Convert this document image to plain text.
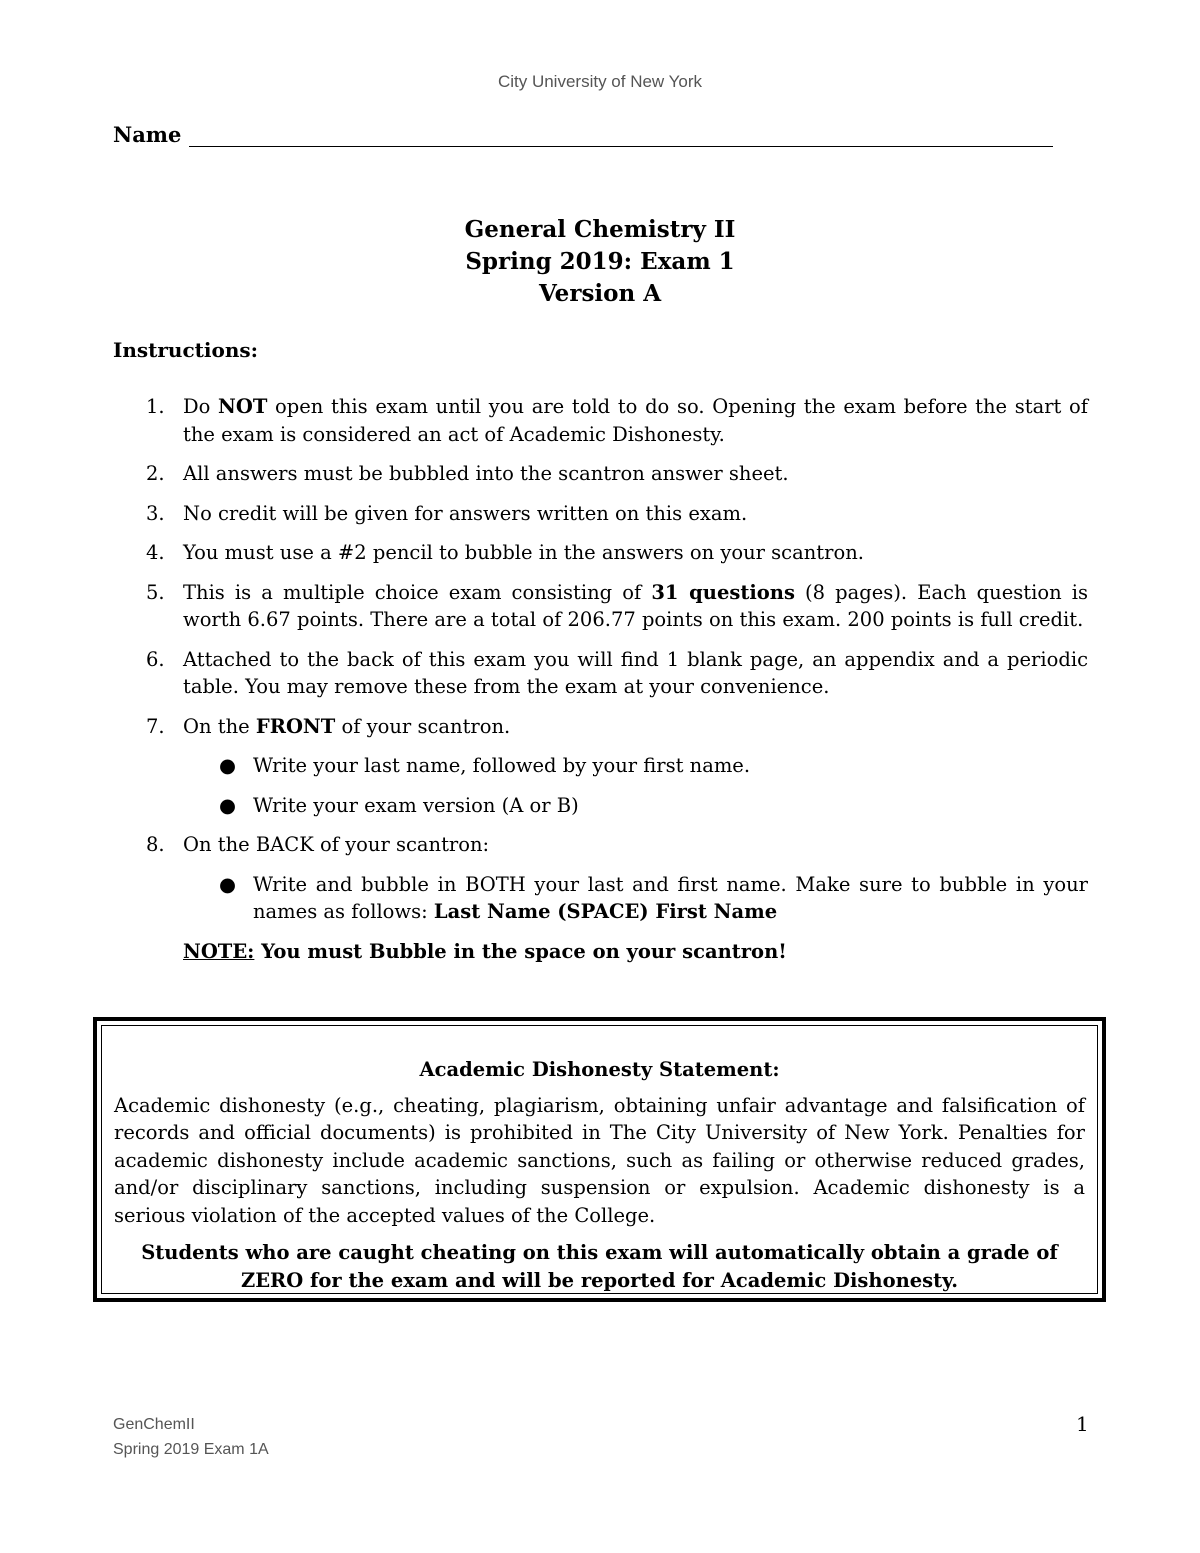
City University of New York
Name
General Chemistry II
Spring 2019: Exam 1
Version A
Instructions:
1. Do NOT open this exam until you are told to do so. Opening the exam before the start of the exam is considered an act of Academic Dishonesty.
2. All answers must be bubbled into the scantron answer sheet.
3. No credit will be given for answers written on this exam.
4. You must use a #2 pencil to bubble in the answers on your scantron.
5. This is a multiple choice exam consisting of 31 questions (8 pages). Each question is worth 6.67 points. There are a total of 206.77 points on this exam. 200 points is full credit.
6. Attached to the back of this exam you will find 1 blank page, an appendix and a periodic table. You may remove these from the exam at your convenience.
7. On the FRONT of your scantron.
● Write your last name, followed by your first name.
● Write your exam version (A or B)
8. On the BACK of your scantron:
● Write and bubble in BOTH your last and first name. Make sure to bubble in your names as follows: Last Name (SPACE) First Name
NOTE: You must Bubble in the space on your scantron!
Academic Dishonesty Statement:
Academic dishonesty (e.g., cheating, plagiarism, obtaining unfair advantage and falsification of records and official documents) is prohibited in The City University of New York. Penalties for academic dishonesty include academic sanctions, such as failing or otherwise reduced grades, and/or disciplinary sanctions, including suspension or expulsion. Academic dishonesty is a serious violation of the accepted values of the College.
Students who are caught cheating on this exam will automatically obtain a grade of ZERO for the exam and will be reported for Academic Dishonesty.
GenChemII
Spring 2019 Exam 1A
1
